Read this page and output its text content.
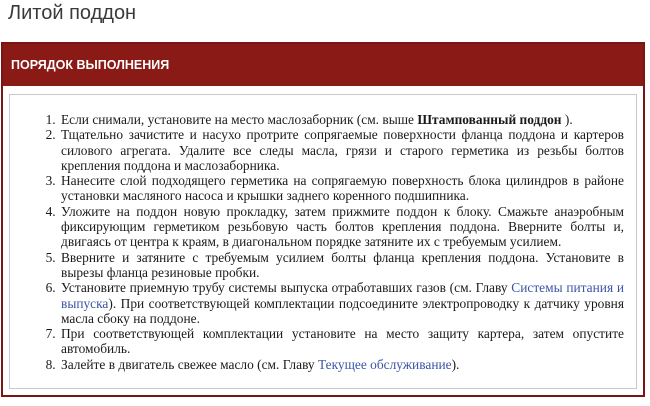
Литой поддон
ПОРЯДОК ВЫПОЛНЕНИЯ
1. Если снимали, установите на место маслозаборник (см. выше Штампованный поддон ).
2. Тщательно зачистите и насухо протрите сопрягаемые поверхности фланца поддона и картеров силового агрегата. Удалите все следы масла, грязи и старого герметика из резьбы болтов крепления поддона и маслозаборника.
3. Нанесите слой подходящего герметика на сопрягаемую поверхность блока цилиндров в районе установки масляного насоса и крышки заднего коренного подшипника.
4. Уложите на поддон новую прокладку, затем прижмите поддон к блоку. Смажьте анаэробным фиксирующим герметиком резьбовую часть болтов крепления поддона. Вверните болты и, двигаясь от центра к краям, в диагональном порядке затяните их с требуемым усилием.
5. Вверните и затяните с требуемым усилием болты фланца крепления поддона. Установите в вырезы фланца резиновые пробки.
6. Установите приемную трубу системы выпуска отработавших газов (см. Главу Системы питания и выпуска). При соответствующей комплектации подсоедините электропроводку к датчику уровня масла сбоку на поддоне.
7. При соответствующей комплектации установите на место защиту картера, затем опустите автомобиль.
8. Залейте в двигатель свежее масло (см. Главу Текущее обслуживание).
